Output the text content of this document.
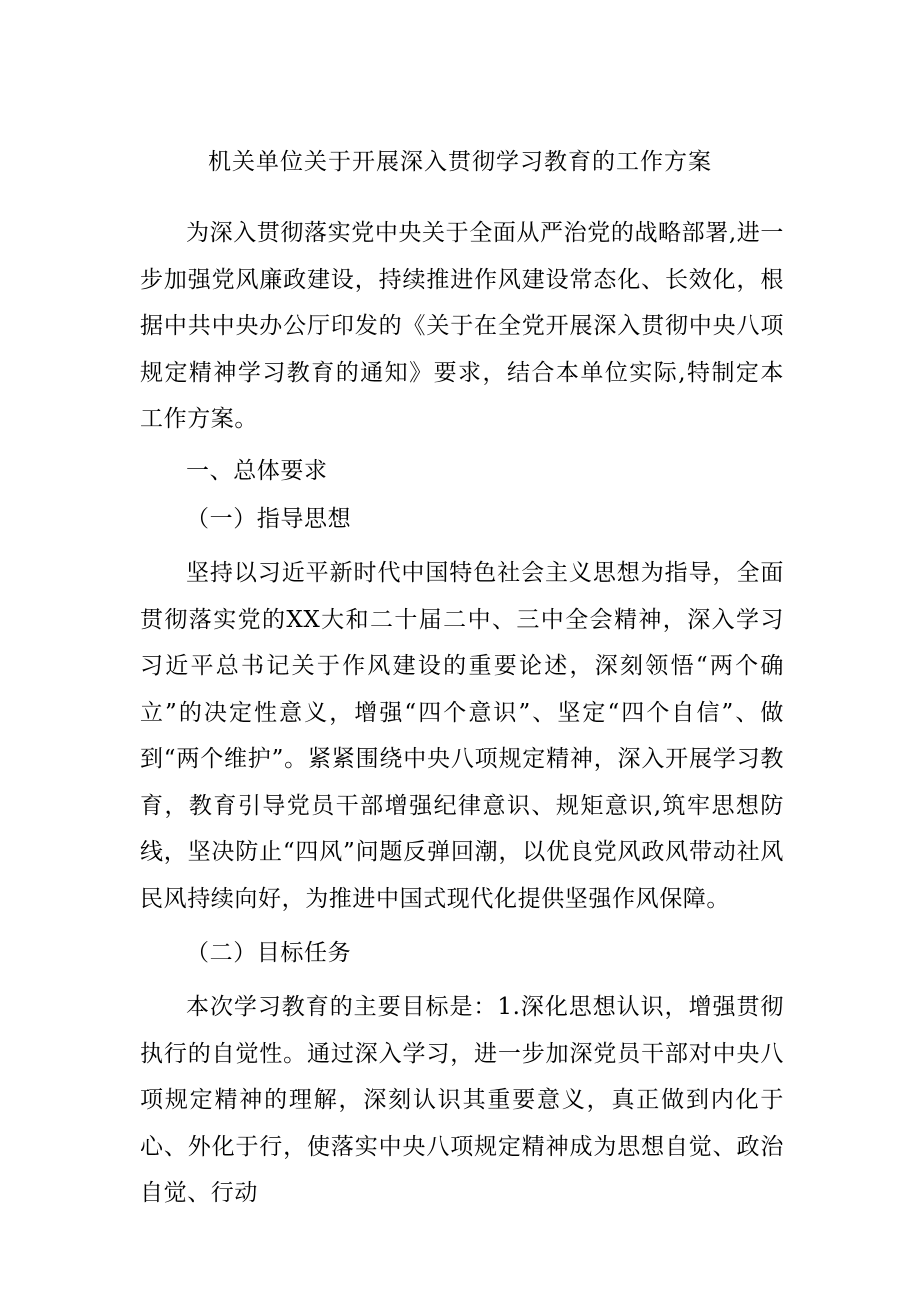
机关单位关于开展深入贯彻学习教育的工作方案

为深入贯彻落实党中央关于全面从严治党的战略部署,进一步加强党风廉政建设，持续推进作风建设常态化、长效化，根据中共中央办公厅印发的《关于在全党开展深入贯彻中央八项规定精神学习教育的通知》要求，结合本单位实际,特制定本工作方案。

一、总体要求
（一）指导思想

坚持以习近平新时代中国特色社会主义思想为指导，全面贯彻落实党的XX大和二十届二中、三中全会精神，深入学习习近平总书记关于作风建设的重要论述，深刻领悟“两个确立”的决定性意义，增强“四个意识”、坚定“四个自信”、做到“两个维护”。紧紧围绕中央八项规定精神，深入开展学习教育，教育引导党员干部增强纪律意识、规矩意识,筑牢思想防线，坚决防止“四风”问题反弹回潮，以优良党风政风带动社风民风持续向好，为推进中国式现代化提供坚强作风保障。

（二）目标任务

本次学习教育的主要目标是：1.深化思想认识，增强贯彻执行的自觉性。通过深入学习，进一步加深党员干部对中央八项规定精神的理解，深刻认识其重要意义，真正做到内化于心、外化于行，使落实中央八项规定精神成为思想自觉、政治自觉、行动
